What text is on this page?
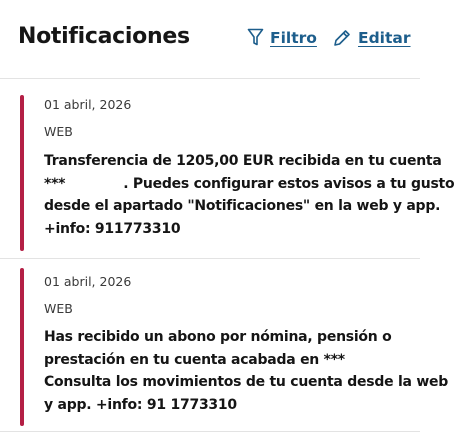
Notificaciones	Filtro	Editar
01 abril, 2026
WEB
Transferencia de 1205,00 EUR recibida en tu cuenta
***	. Puedes configurar estos avisos a tu gusto
desde el apartado "Notificaciones" en la web y app.
+info: 911773310
01 abril, 2026
WEB
Has recibido un abono por nómina, pensión o
prestación en tu cuenta acabada en ***
Consulta los movimientos de tu cuenta desde la web
y app. +info: 91 1773310
